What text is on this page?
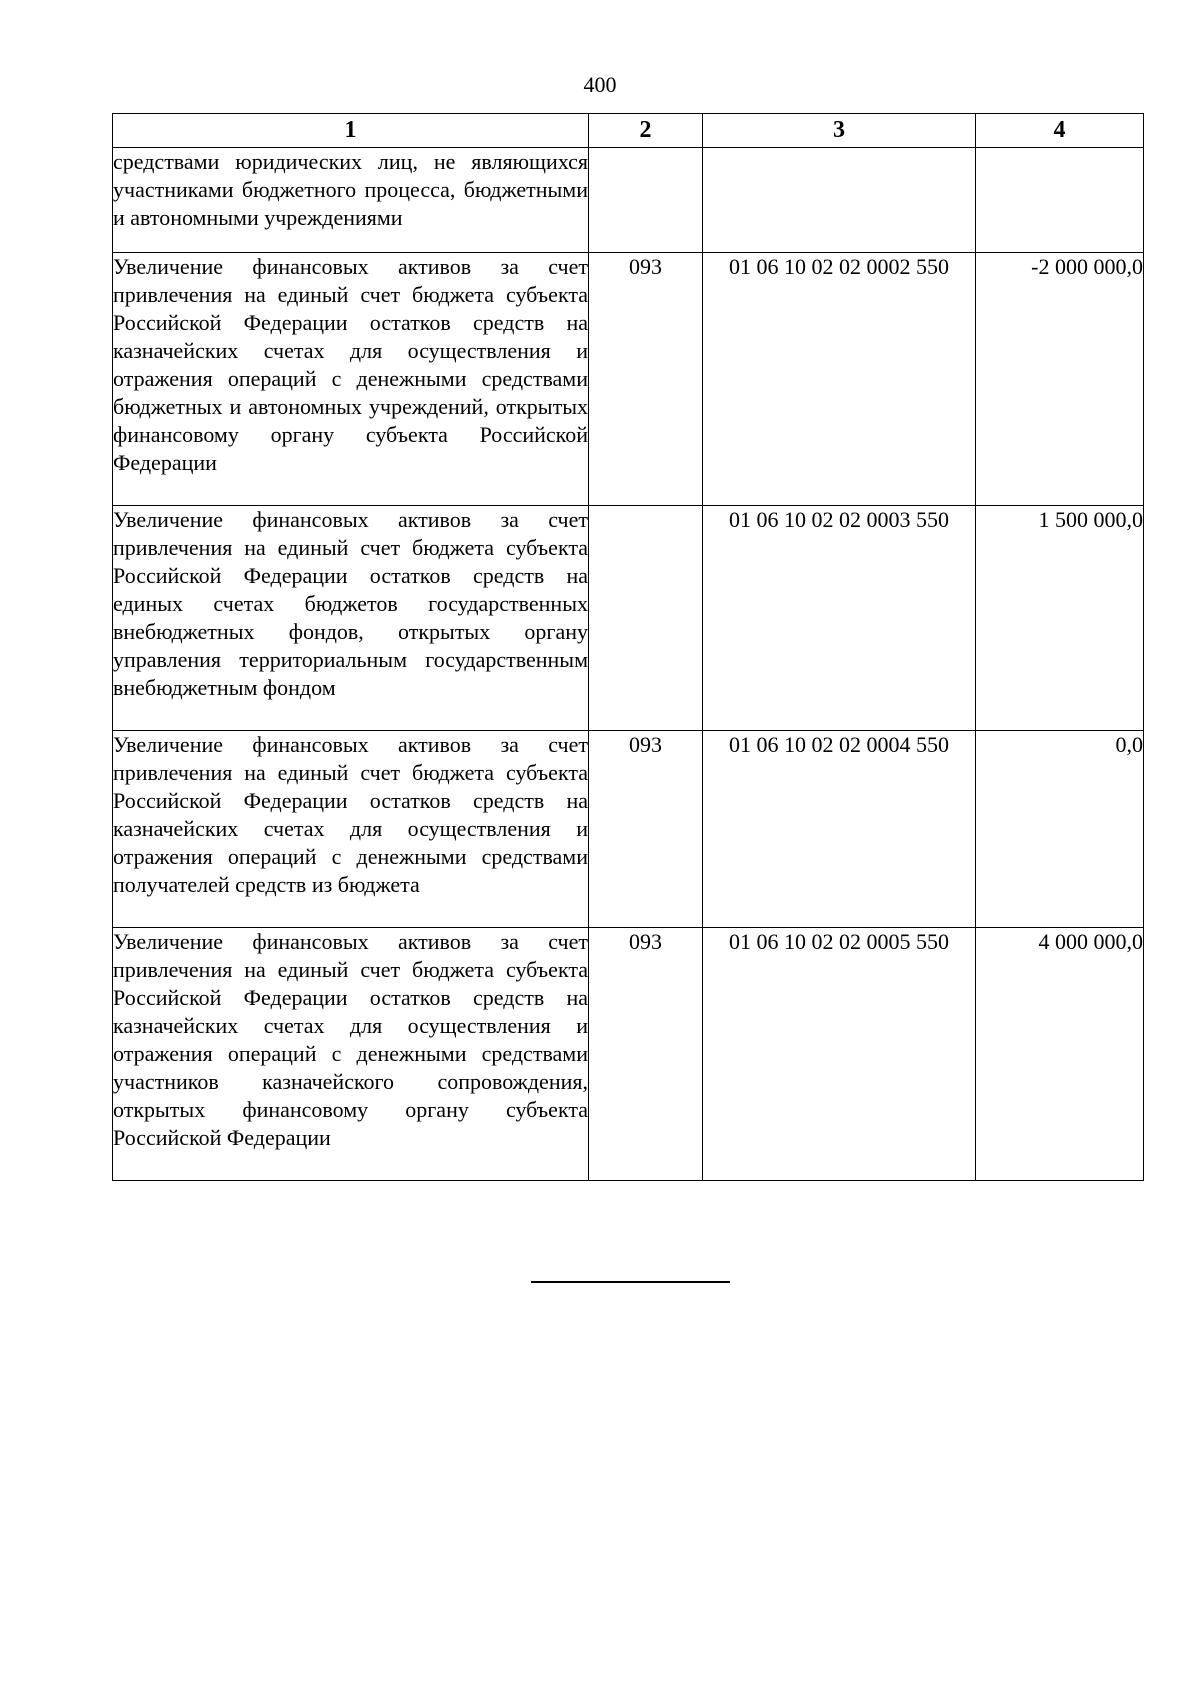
400
1	2	3	4
средствами юридических лиц, не являющихся участниками бюджетного процесса, бюджетными и автономными учреждениями			
Увеличение финансовых активов за счет привлечения на единый счет бюджета субъекта Российской Федерации остатков средств на казначейских счетах для осуществления и отражения операций с денежными средствами бюджетных и автономных учреждений, открытых финансовому органу субъекта Российской Федерации	093	01 06 10 02 02 0002 550	-2 000 000,0
Увеличение финансовых активов за счет привлечения на единый счет бюджета субъекта Российской Федерации остатков средств на единых счетах бюджетов государственных внебюджетных фондов, открытых органу управления территориальным государственным внебюджетным фондом		01 06 10 02 02 0003 550	1 500 000,0
Увеличение финансовых активов за счет привлечения на единый счет бюджета субъекта Российской Федерации остатков средств на казначейских счетах для осуществления и отражения операций с денежными средствами получателей средств из бюджета	093	01 06 10 02 02 0004 550	0,0
Увеличение финансовых активов за счет привлечения на единый счет бюджета субъекта Российской Федерации остатков средств на казначейских счетах для осуществления и отражения операций с денежными средствами участников казначейского сопровождения, открытых финансовому органу субъекта Российской Федерации	093	01 06 10 02 02 0005 550	4 000 000,0
